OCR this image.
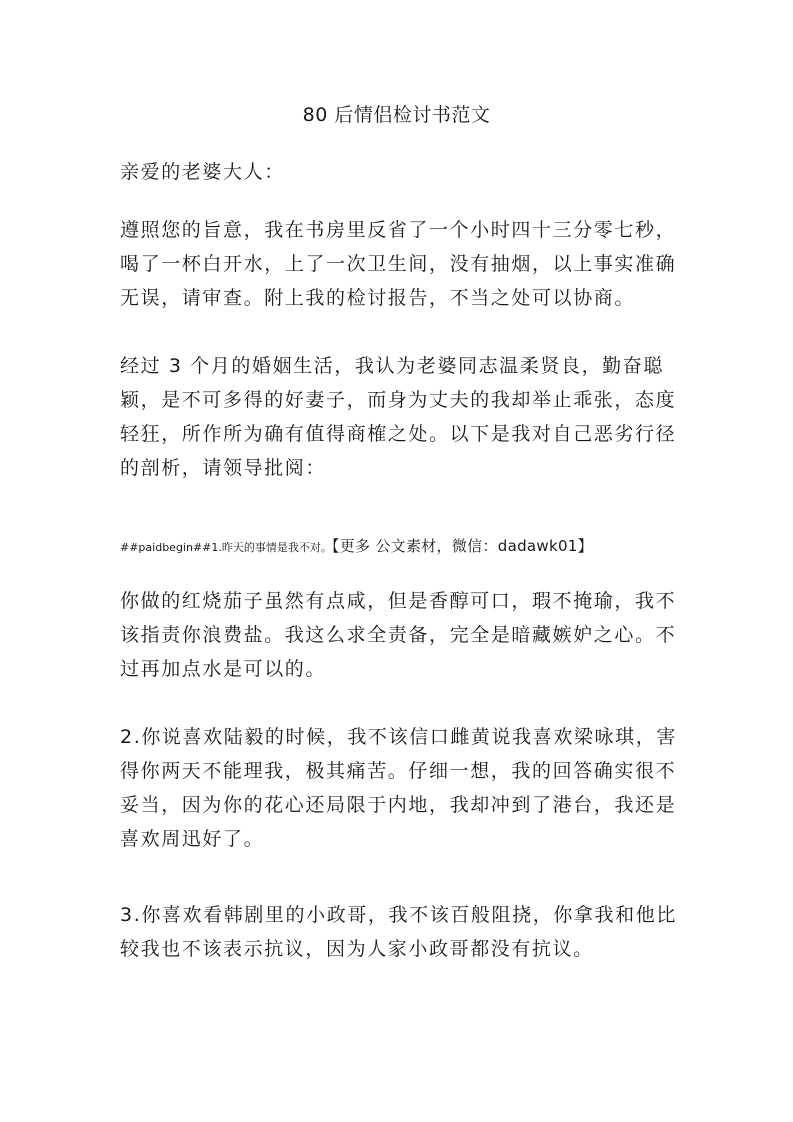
80 后情侣检讨书范文

亲爱的老婆大人：

遵照您的旨意，我在书房里反省了一个小时四十三分零七秒，喝了一杯白开水，上了一次卫生间，没有抽烟，以上事实准确无误，请审查。附上我的检讨报告，不当之处可以协商。

经过 3 个月的婚姻生活，我认为老婆同志温柔贤良，勤奋聪颖，是不可多得的好妻子，而身为丈夫的我却举止乖张，态度轻狂，所作所为确有值得商榷之处。以下是我对自己恶劣行径的剖析，请领导批阅：

##paidbegin##1.昨天的事情是我不对。【更多 公文素材，微信：dadawk01】

你做的红烧茄子虽然有点咸，但是香醇可口，瑕不掩瑜，我不该指责你浪费盐。我这么求全责备，完全是暗藏嫉妒之心。不过再加点水是可以的。

2.你说喜欢陆毅的时候，我不该信口雌黄说我喜欢梁咏琪，害得你两天不能理我，极其痛苦。仔细一想，我的回答确实很不妥当，因为你的花心还局限于内地，我却冲到了港台，我还是喜欢周迅好了。

3.你喜欢看韩剧里的小政哥，我不该百般阻挠，你拿我和他比较我也不该表示抗议，因为人家小政哥都没有抗议。
